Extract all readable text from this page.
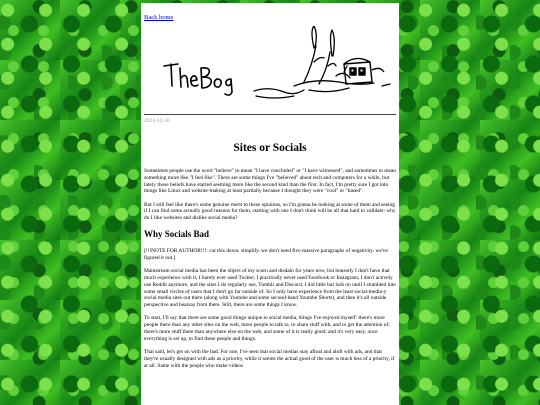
Back home
2024-12-30
Sites or Socials

Sometimes people use the word "believe" to mean "I have concluded" or "I have witnessed", and sometimes to mean something more like "I feel like". There are some things I've "believed" about tech and computers for a while, but lately those beliefs have started seeming more like the second kind than the first. In fact, I'm pretty sure I got into things like Linux and website-making at least partially because I thought they were "cool" or "based".

But I still feel like there's some genuine merit to these opinions, so I'm gonna be looking at some of them and seeing if I can find some actually good reasons for them, starting with one I don't think will be all that hard to validate: why do I like websites and dislike social media?

Why Socials Bad

[!!!NOTE FOR AUTHOR!!!: cut this down. simplify. we don't need five massive paragraphs of negativity. we've figured it out.]

Mainstream social media has been the object of my scorn and disdain for years now, but honestly I don't have that much experience with it; I barely ever used Twitter, I practically never used Facebook or Instagram, I don't actively use Reddit anymore, and the sites I do regularly use, Tumblr and Discord, I did little but lurk on until I stumbled into some small circles of users that I don't go far outside of. So I only have experience from the least social-media-y social media sites out there (along with Youtube and some second-hand Youtube Shorts), and then it's all outside perspective and hearsay from there. Still, there are some things I know.

To start, I'll say that there are some good things unique to social media, things I've enjoyed myself: there's more people there than any other sites on the web, more people to talk to, to share stuff with, and to get the attention of; there's more stuff there than anywhere else on the web, and some of it is really good; and it's very easy, once everything is set up, to find these people and things.

That said, let's get on with the bad. For one, I've seen that social medias stay afloat and aloft with ads, and that they're usually designed with ads as a priority, while it seems the actual good of the user is much less of a priority, if at all. Same with the people who make videos
